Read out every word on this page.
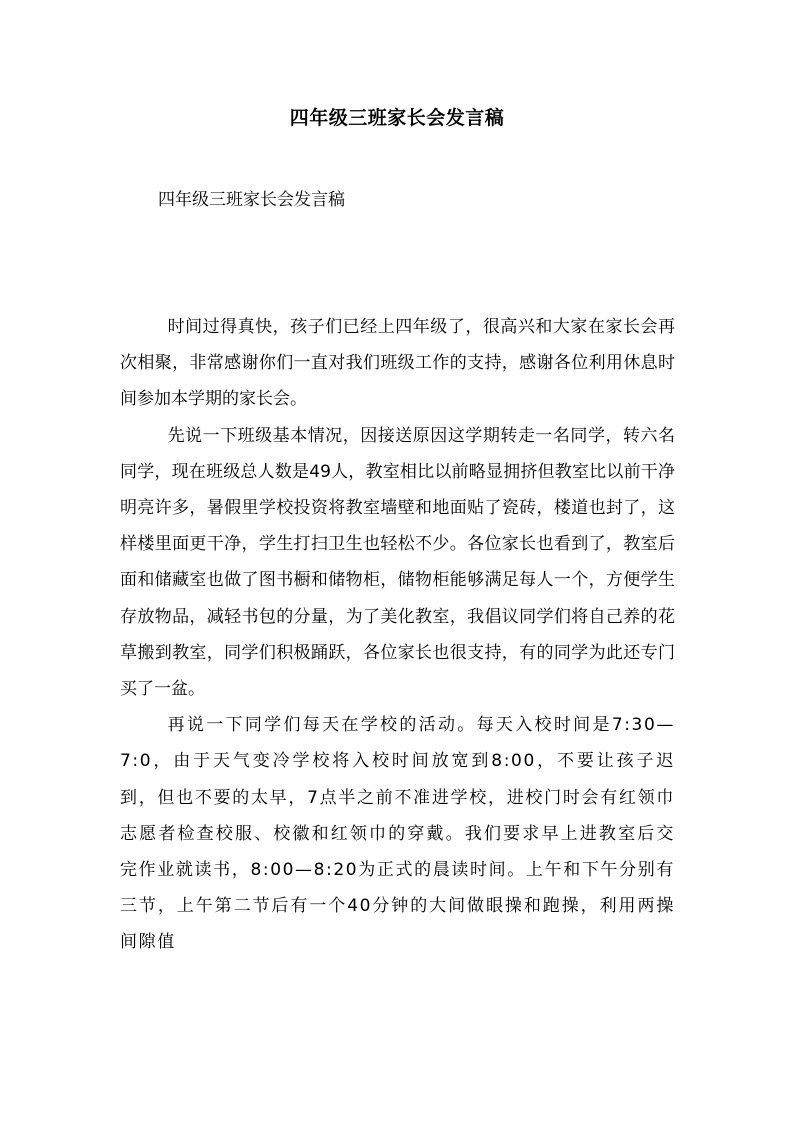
四年级三班家长会发言稿

四年级三班家长会发言稿

时间过得真快，孩子们已经上四年级了，很高兴和大家在家长会再次相聚，非常感谢你们一直对我们班级工作的支持，感谢各位利用休息时间参加本学期的家长会。

先说一下班级基本情况，因接送原因这学期转走一名同学，转六名同学，现在班级总人数是49人，教室相比以前略显拥挤但教室比以前干净明亮许多，暑假里学校投资将教室墙壁和地面贴了瓷砖，楼道也封了，这样楼里面更干净，学生打扫卫生也轻松不少。各位家长也看到了，教室后面和储藏室也做了图书橱和储物柜，储物柜能够满足每人一个，方便学生存放物品，减轻书包的分量，为了美化教室，我倡议同学们将自己养的花草搬到教室，同学们积极踊跃，各位家长也很支持，有的同学为此还专门买了一盆。

再说一下同学们每天在学校的活动。每天入校时间是7:30—7:0，由于天气变冷学校将入校时间放宽到8:00，不要让孩子迟到，但也不要的太早，7点半之前不准进学校，进校门时会有红领巾志愿者检查校服、校徽和红领巾的穿戴。我们要求早上进教室后交完作业就读书，8:00—8:20为正式的晨读时间。上午和下午分别有三节，上午第二节后有一个40分钟的大间做眼操和跑操，利用两操间隙值
